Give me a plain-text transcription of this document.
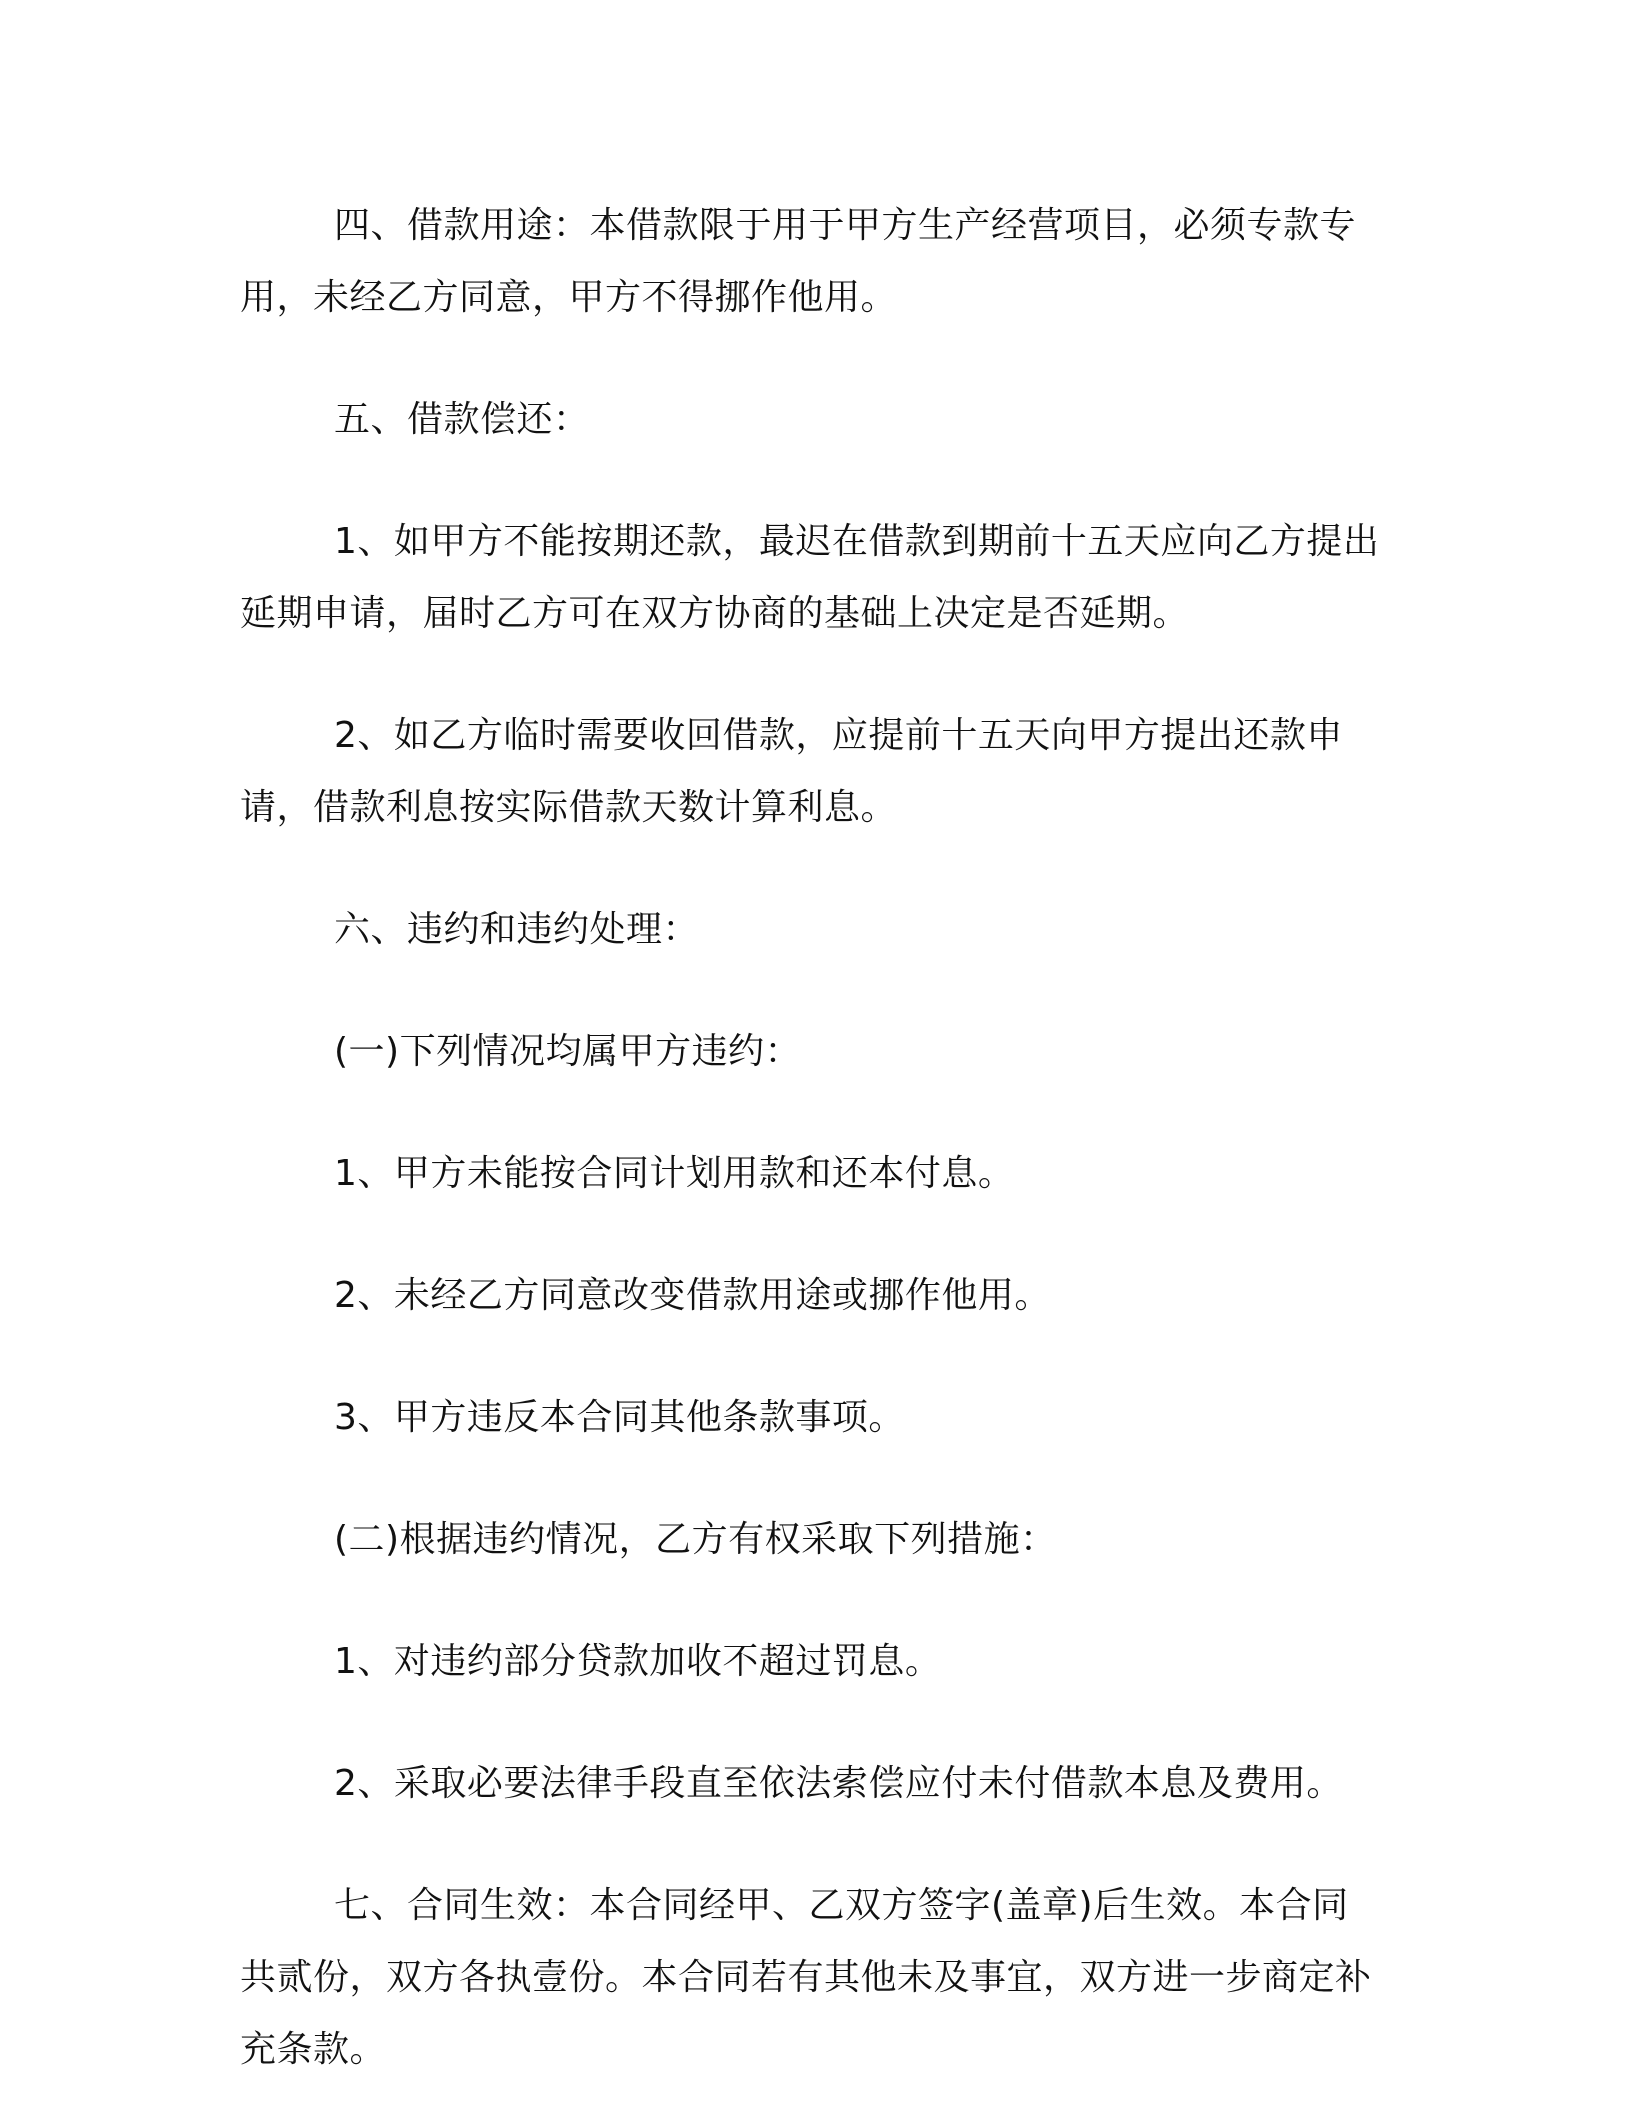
四、借款用途：本借款限于用于甲方生产经营项目，必须专款专用，未经乙方同意，甲方不得挪作他用。

五、借款偿还：

1、如甲方不能按期还款，最迟在借款到期前十五天应向乙方提出延期申请，届时乙方可在双方协商的基础上决定是否延期。

2、如乙方临时需要收回借款，应提前十五天向甲方提出还款申请，借款利息按实际借款天数计算利息。

六、违约和违约处理：

(一)下列情况均属甲方违约：

1、甲方未能按合同计划用款和还本付息。

2、未经乙方同意改变借款用途或挪作他用。

3、甲方违反本合同其他条款事项。

(二)根据违约情况，乙方有权采取下列措施：

1、对违约部分贷款加收不超过罚息。

2、采取必要法律手段直至依法索偿应付未付借款本息及费用。

七、合同生效：本合同经甲、乙双方签字(盖章)后生效。本合同共贰份，双方各执壹份。本合同若有其他未及事宜，双方进一步商定补充条款。
